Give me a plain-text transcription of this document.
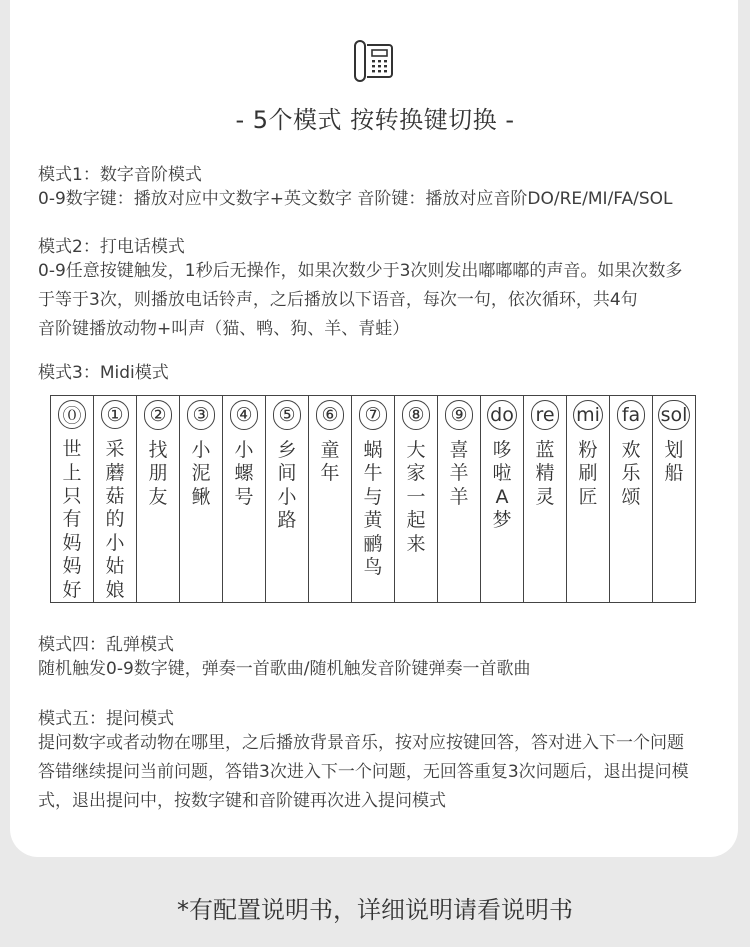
- 5个模式 按转换键切换 -
模式1：数字音阶模式
0-9数字键：播放对应中文数字+英文数字 音阶键：播放对应音阶DO/RE/MI/FA/SOL
模式2：打电话模式
0-9任意按键触发，1秒后无操作，如果次数少于3次则发出嘟嘟嘟的声音。如果次数多
于等于3次，则播放电话铃声，之后播放以下语音，每次一句，依次循环，共4句
音阶键播放动物+叫声（猫、鸭、狗、羊、青蛙）
模式3：Midi模式
⓪
世上只有妈妈好
①
采蘑菇的小姑娘
②
找朋友
③
小泥鳅
④
小螺号
⑤
乡间小路
⑥
童年
⑦
蜗牛与黄鹂鸟
⑧
大家一起来
⑨
喜羊羊
do
哆啦A梦
re
蓝精灵
mi
粉刷匠
fa
欢乐颂
sol
划船
模式四：乱弹模式
随机触发0-9数字键，弹奏一首歌曲/随机触发音阶键弹奏一首歌曲
模式五：提问模式
提问数字或者动物在哪里，之后播放背景音乐，按对应按键回答，答对进入下一个问题
答错继续提问当前问题，答错3次进入下一个问题，无回答重复3次问题后，退出提问模
式，退出提问中，按数字键和音阶键再次进入提问模式
*有配置说明书，详细说明请看说明书
